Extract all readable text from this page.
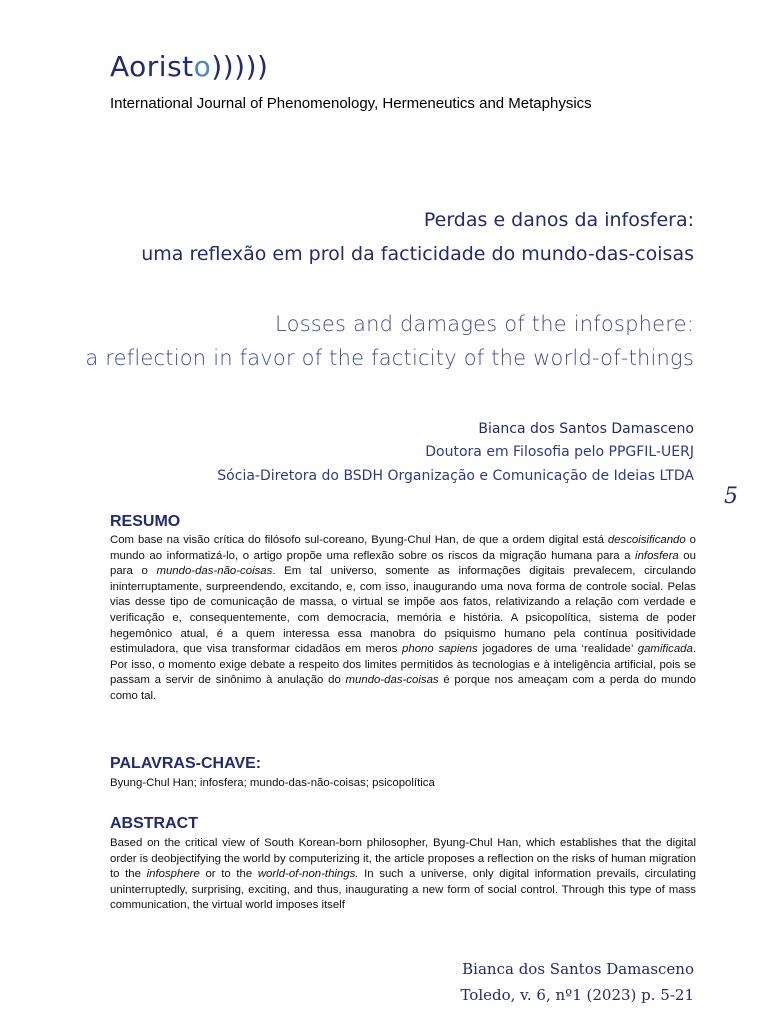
Aoristo)))))
International Journal of Phenomenology, Hermeneutics and Metaphysics
Perdas e danos da infosfera:
uma reflexão em prol da facticidade do mundo-das-coisas
Losses and damages of the infosphere:
a reflection in favor of the facticity of the world-of-things
Bianca dos Santos Damasceno
Doutora em Filosofia pelo PPGFIL-UERJ
Sócia-Diretora do BSDH Organização e Comunicação de Ideias LTDA
5
RESUMO
Com base na visão crítica do filósofo sul-coreano, Byung-Chul Han, de que a ordem digital está descoisificando o mundo ao informatizá-lo, o artigo propõe uma reflexão sobre os riscos da migração humana para a infosfera ou para o mundo-das-não-coisas. Em tal universo, somente as informações digitais prevalecem, circulando ininterruptamente, surpreendendo, excitando, e, com isso, inaugurando uma nova forma de controle social. Pelas vias desse tipo de comunicação de massa, o virtual se impõe aos fatos, relativizando a relação com verdade e verificação e, consequentemente, com democracia, memória e história. A psicopolítica, sistema de poder hegemônico atual, é a quem interessa essa manobra do psiquismo humano pela contínua positividade estimuladora, que visa transformar cidadãos em meros phono sapiens jogadores de uma ‘realidade’ gamificada. Por isso, o momento exige debate a respeito dos limites permitidos às tecnologias e à inteligência artificial, pois se passam a servir de sinônimo à anulação do mundo-das-coisas é porque nos ameaçam com a perda do mundo como tal.
PALAVRAS-CHAVE:
Byung-Chul Han; infosfera; mundo-das-não-coisas; psicopolítica
ABSTRACT
Based on the critical view of South Korean-born philosopher, Byung-Chul Han, which establishes that the digital order is deobjectifying the world by computerizing it, the article proposes a reflection on the risks of human migration to the infosphere or to the world-of-non-things. In such a universe, only digital information prevails, circulating uninterruptedly, surprising, exciting, and thus, inaugurating a new form of social control. Through this type of mass communication, the virtual world imposes itself
Bianca dos Santos Damasceno
Toledo, v. 6, nº1 (2023) p. 5-21
